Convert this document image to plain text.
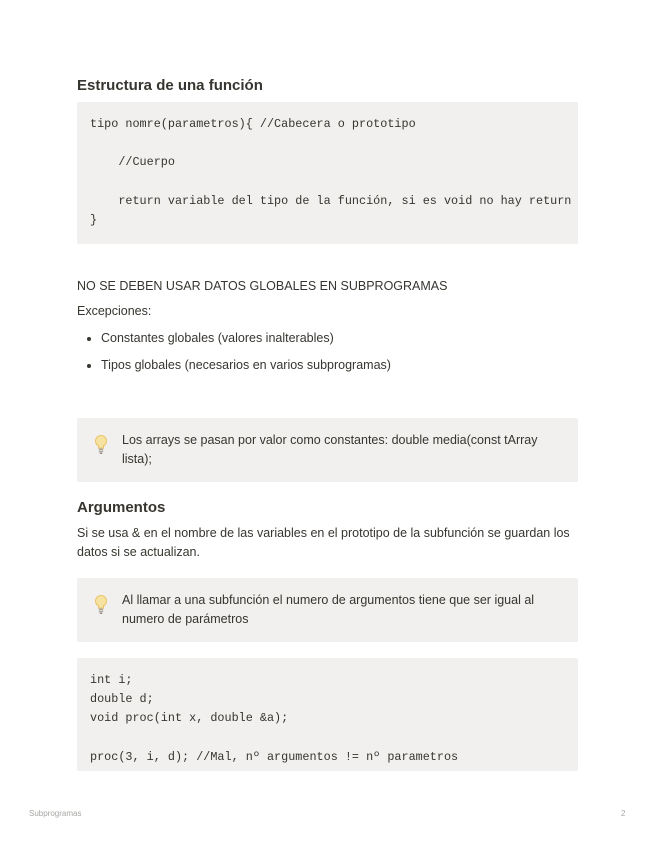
Estructura de una función
tipo nomre(parametros){ //Cabecera o prototipo

//Cuerpo

return variable del tipo de la función, si es void no hay return
}

NO SE DEBEN USAR DATOS GLOBALES EN SUBPROGRAMAS

Excepciones:

• Constantes globales (valores inalterables)
• Tipos globales (necesarios en varios subprogramas)

Los arrays se pasan por valor como constantes: double media(const tArray lista);

Argumentos

Si se usa & en el nombre de las variables en el prototipo de la subfunción se guardan los datos si se actualizan.

Al llamar a una subfunción el numero de argumentos tiene que ser igual al numero de parámetros

int i;
double d;
void proc(int x, double &a);

proc(3, i, d); //Mal, nº argumentos != nº parametros
Subprogramas	2
